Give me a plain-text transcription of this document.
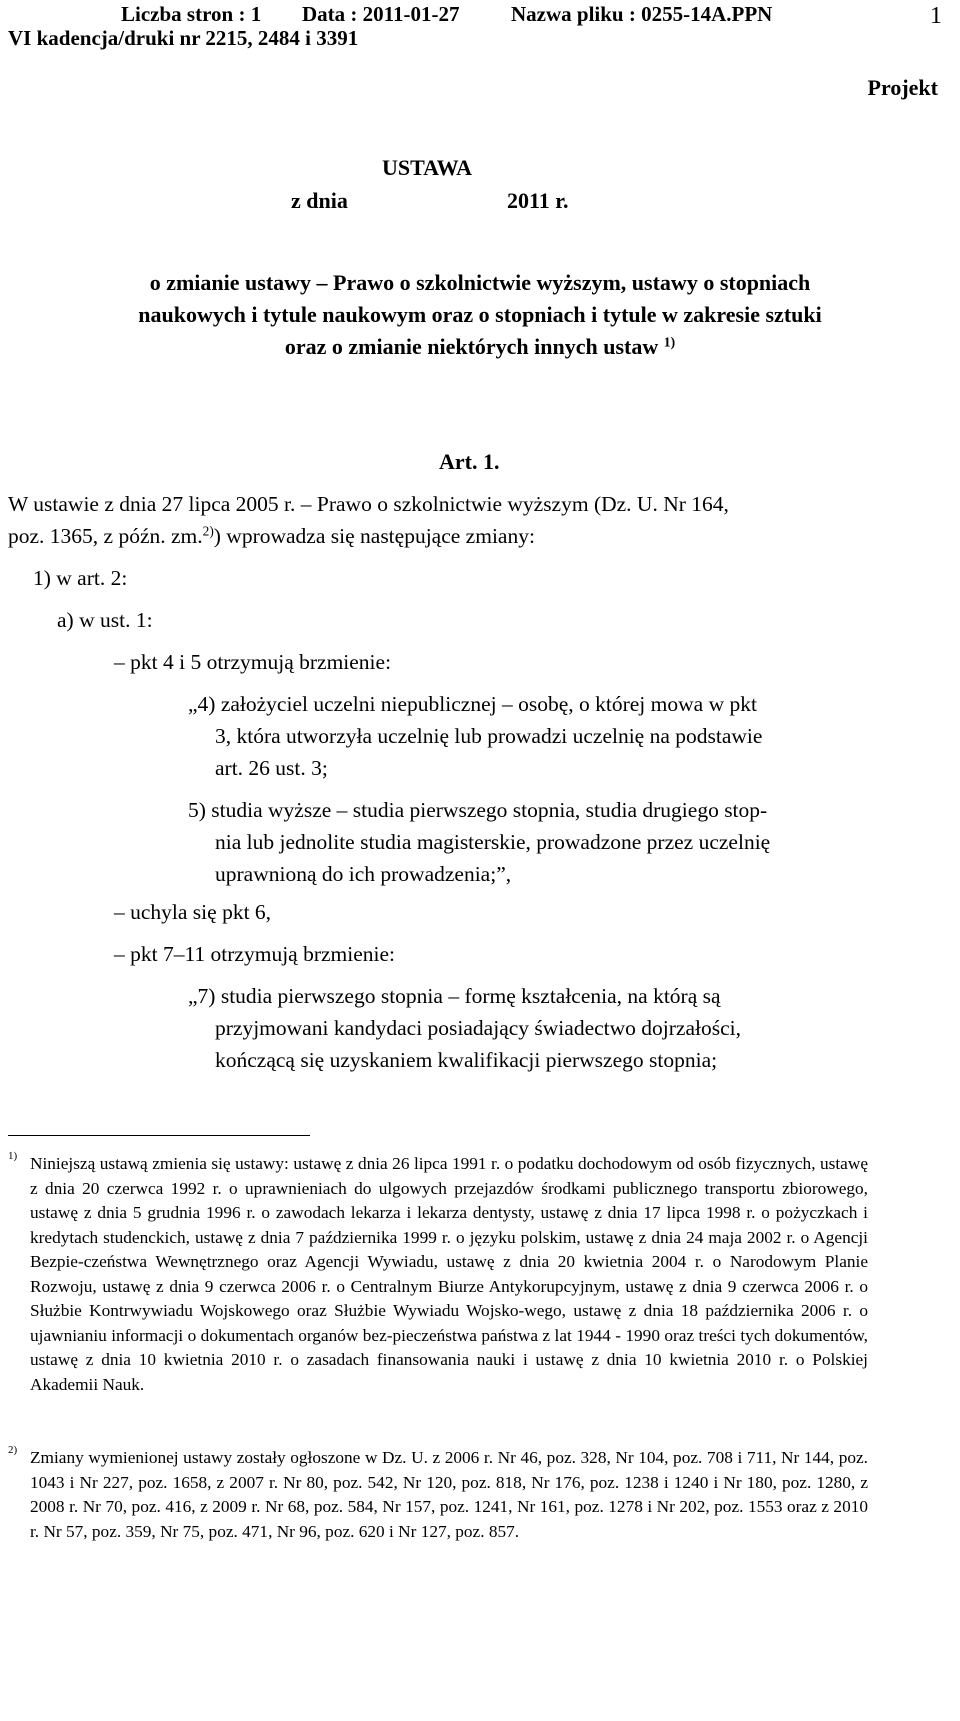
Liczba stron : 1 Data : 2011-01-27 Nazwa pliku : 0255-14A.PPN
VI kadencja/druki nr 2215, 2484 i 3391
1
Projekt
USTAWA
z dnia	2011 r.
o zmianie ustawy – Prawo o szkolnictwie wyższym, ustawy o stopniach
naukowych i tytule naukowym oraz o stopniach i tytule w zakresie sztuki
oraz o zmianie niektórych innych ustaw $^{1)}$
Art. 1.
W ustawie z dnia 27 lipca 2005 r. – Prawo o szkolnictwie wyższym (Dz. U. Nr 164,
poz. 1365, z późn. zm.$^{2)}$) wprowadza się następujące zmiany:
1) w art. 2:
a) w ust. 1:
– pkt 4 i 5 otrzymują brzmienie:
„4) założyciel uczelni niepublicznej – osobę, o której mowa w pkt
3, która utworzyła uczelnię lub prowadzi uczelnię na podstawie
art. 26 ust. 3;
5) studia wyższe – studia pierwszego stopnia, studia drugiego stop-
nia lub jednolite studia magisterskie, prowadzone przez uczelnię
uprawnioną do ich prowadzenia;”,
– uchyla się pkt 6,
– pkt 7–11 otrzymują brzmienie:
„7) studia pierwszego stopnia – formę kształcenia, na którą są
przyjmowani kandydaci posiadający świadectwo dojrzałości,
kończącą się uzyskaniem kwalifikacji pierwszego stopnia;
1) Niniejszą ustawą zmienia się ustawy: ustawę z dnia 26 lipca 1991 r. o podatku dochodowym od osób fizycznych, ustawę z dnia 20 czerwca 1992 r. o uprawnieniach do ulgowych przejazdów środkami publicznego transportu zbiorowego, ustawę z dnia 5 grudnia 1996 r. o zawodach lekarza i lekarza dentysty, ustawę z dnia 17 lipca 1998 r. o pożyczkach i kredytach studenckich, ustawę z dnia 7 października 1999 r. o języku polskim, ustawę z dnia 24 maja 2002 r. o Agencji Bezpie-czeństwa Wewnętrznego oraz Agencji Wywiadu, ustawę z dnia 20 kwietnia 2004 r. o Narodowym Planie Rozwoju, ustawę z dnia 9 czerwca 2006 r. o Centralnym Biurze Antykorupcyjnym, ustawę z dnia 9 czerwca 2006 r. o Służbie Kontrwywiadu Wojskowego oraz Służbie Wywiadu Wojsko-wego, ustawę z dnia 18 października 2006 r. o ujawnianiu informacji o dokumentach organów bez-pieczeństwa państwa z lat 1944 - 1990 oraz treści tych dokumentów, ustawę z dnia 10 kwietnia 2010 r. o zasadach finansowania nauki i ustawę z dnia 10 kwietnia 2010 r. o Polskiej Akademii Nauk.
2) Zmiany wymienionej ustawy zostały ogłoszone w Dz. U. z 2006 r. Nr 46, poz. 328, Nr 104, poz. 708 i 711, Nr 144, poz. 1043 i Nr 227, poz. 1658, z 2007 r. Nr 80, poz. 542, Nr 120, poz. 818, Nr 176, poz. 1238 i 1240 i Nr 180, poz. 1280, z 2008 r. Nr 70, poz. 416, z 2009 r. Nr 68, poz. 584, Nr 157, poz. 1241, Nr 161, poz. 1278 i Nr 202, poz. 1553 oraz z 2010 r. Nr 57, poz. 359, Nr 75, poz. 471, Nr 96, poz. 620 i Nr 127, poz. 857.
